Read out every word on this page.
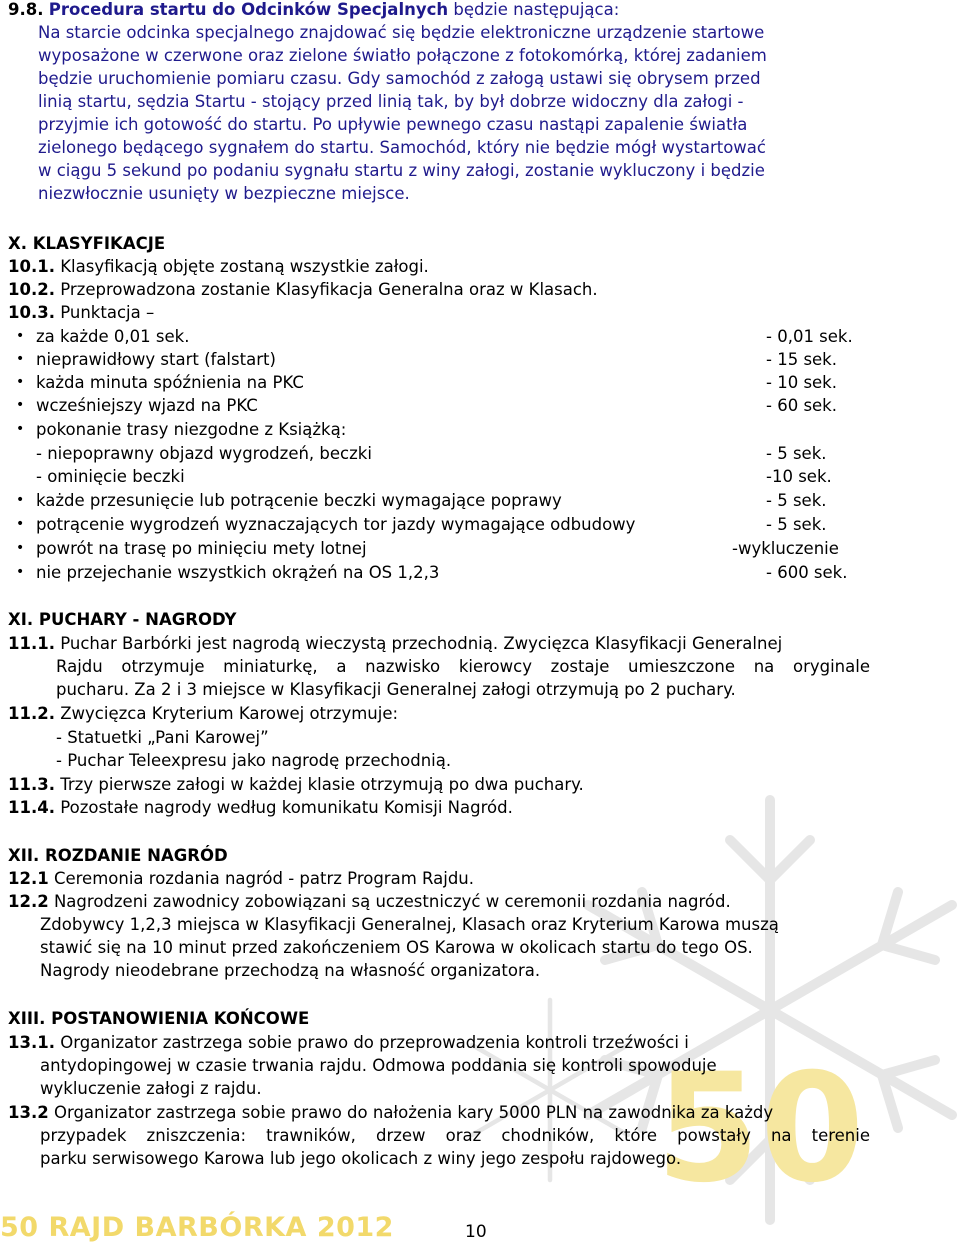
50
9.8. Procedura startu do Odcinków Specjalnych będzie następująca:
Na starcie odcinka specjalnego znajdować się będzie elektroniczne urządzenie startowe
wyposażone w czerwone oraz zielone światło połączone z fotokomórką, której zadaniem
będzie uruchomienie pomiaru czasu. Gdy samochód z załogą ustawi się obrysem przed
linią startu, sędzia Startu - stojący przed linią tak, by był dobrze widoczny dla załogi -
przyjmie ich gotowość do startu. Po upływie pewnego czasu nastąpi zapalenie światła
zielonego będącego sygnałem do startu. Samochód, który nie będzie mógł wystartować
w ciągu 5 sekund po podaniu sygnału startu z winy załogi, zostanie wykluczony i będzie
niezwłocznie usunięty w bezpieczne miejsce.
X. KLASYFIKACJE
10.1. Klasyfikacją objęte zostaną wszystkie załogi.
10.2. Przeprowadzona zostanie Klasyfikacja Generalna oraz w Klasach.
10.3. Punktacja –
• za każde 0,01 sek.	- 0,01 sek.
• nieprawidłowy start (falstart)	- 15 sek.
• każda minuta spóźnienia na PKC	- 10 sek.
• wcześniejszy wjazd na PKC	- 60 sek.
• pokonanie trasy niezgodne z Książką:
- niepoprawny objazd wygrodzeń, beczki	- 5 sek.
- ominięcie beczki	-10 sek.
• każde przesunięcie lub potrącenie beczki wymagające poprawy	- 5 sek.
• potrącenie wygrodzeń wyznaczających tor jazdy wymagające odbudowy	- 5 sek.
• powrót na trasę po minięciu mety lotnej	-wykluczenie
• nie przejechanie wszystkich okrążeń na OS 1,2,3	- 600 sek.
XI. PUCHARY - NAGRODY
11.1. Puchar Barbórki jest nagrodą wieczystą przechodnią. Zwycięzca Klasyfikacji Generalnej
Rajdu otrzymuje miniaturkę, a nazwisko kierowcy zostaje umieszczone na oryginale
pucharu. Za 2 i 3 miejsce w Klasyfikacji Generalnej załogi otrzymują po 2 puchary.
11.2. Zwycięzca Kryterium Karowej otrzymuje:
- Statuetki „Pani Karowej”
- Puchar Teleexpresu jako nagrodę przechodnią.
11.3. Trzy pierwsze załogi w każdej klasie otrzymują po dwa puchary.
11.4. Pozostałe nagrody według komunikatu Komisji Nagród.
XII. ROZDANIE NAGRÓD
12.1 Ceremonia rozdania nagród - patrz Program Rajdu.
12.2 Nagrodzeni zawodnicy zobowiązani są uczestniczyć w ceremonii rozdania nagród.
Zdobywcy 1,2,3 miejsca w Klasyfikacji Generalnej, Klasach oraz Kryterium Karowa muszą
stawić się na 10 minut przed zakończeniem OS Karowa w okolicach startu do tego OS.
Nagrody nieodebrane przechodzą na własność organizatora.
XIII. POSTANOWIENIA KOŃCOWE
13.1. Organizator zastrzega sobie prawo do przeprowadzenia kontroli trzeźwości i
antydopingowej w czasie trwania rajdu. Odmowa poddania się kontroli spowoduje
wykluczenie załogi z rajdu.
13.2 Organizator zastrzega sobie prawo do nałożenia kary 5000 PLN na zawodnika za każdy
przypadek zniszczenia: trawników, drzew oraz chodników, które powstały na terenie
parku serwisowego Karowa lub jego okolicach z winy jego zespołu rajdowego.
50 RAJD BARBÓRKA 2012	10
